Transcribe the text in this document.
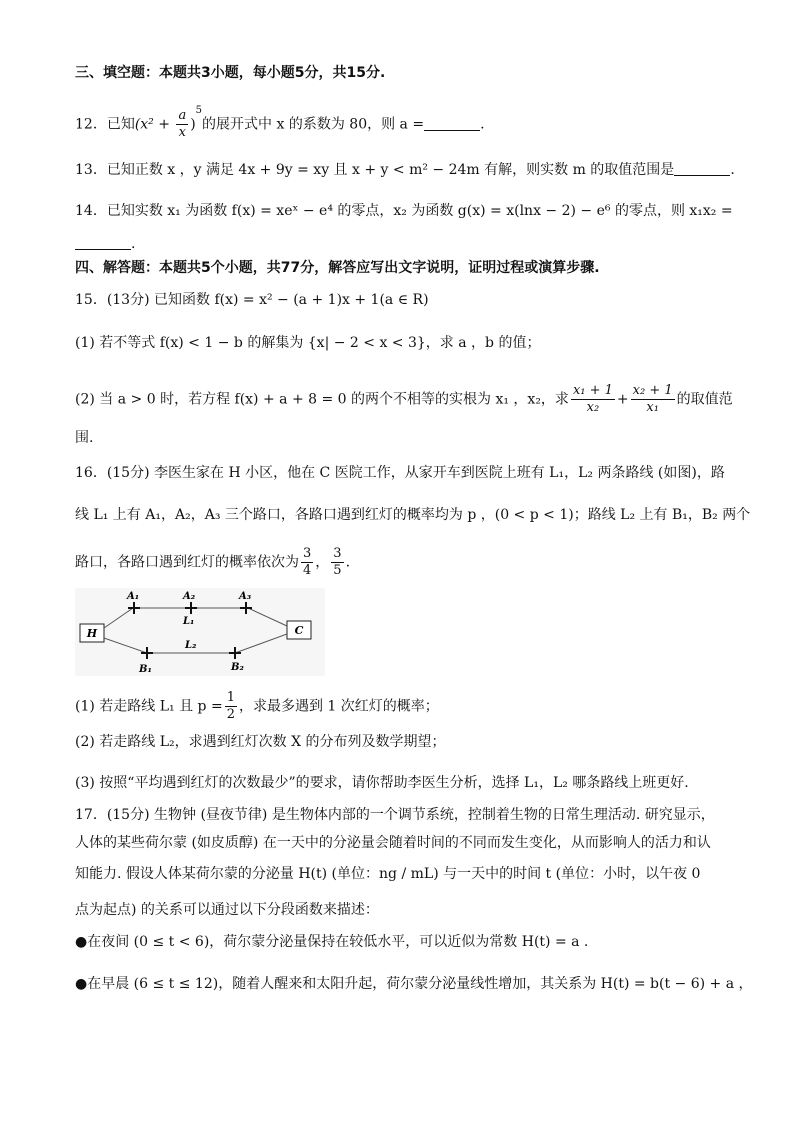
三、填空题：本题共3小题，每小题5分，共15分.
12．已知$(x^2 + \frac{a}{x} )^5$的展开式中 x 的系数为 80，则 a =	.
13．已知正数 x ，y 满足 4x + 9y = xy 且 x + y < m² − 24m 有解，则实数 m 的取值范围是	.
14．已知实数 x₁ 为函数 f(x) = xeˣ − e⁴ 的零点，x₂ 为函数 g(x) = x(lnx − 2) − e⁶ 的零点，则 x₁x₂ =
.
四、解答题：本题共5个小题，共77分，解答应写出文字说明，证明过程或演算步骤.
15．(13分) 已知函数 f(x) = x² − (a + 1)x + 1(a ∈ R)
(1) 若不等式 f(x) < 1 − b 的解集为 {x| − 2 < x < 3}，求 a ，b 的值；
(2) 当 a > 0 时，若方程 f(x) + a + 8 = 0 的两个不相等的实根为 x₁ ，x₂，求 $\frac{\text{x₁ + 1}}{\text{x₂}} + \frac{\text{x₂ + 1}}{\text{x₁}}$ 的取值范
围.
16．(15分) 李医生家在 H 小区，他在 C 医院工作，从家开车到医院上班有 L₁，L₂ 两条路线 (如图)，路
线 L₁ 上有 A₁，A₂，A₃ 三个路口，各路口遇到红灯的概率均为 p ，(0 < p < 1)；路线 L₂ 上有 B₁，B₂ 两个
路口，各路口遇到红灯的概率依次为 $\frac{3}{4}$ ， $\frac{3}{5}$ .
H	C
A₁	A₂	A₃
L₁
L₂
B₁	B₂
(1) 若走路线 L₁ 且 $p = \frac{1}{2}$ ，求最多遇到 1 次红灯的概率；
(2) 若走路线 L₂，求遇到红灯次数 X 的分布列及数学期望；
(3) 按照“平均遇到红灯的次数最少”的要求，请你帮助李医生分析，选择 L₁，L₂ 哪条路线上班更好.
17．(15分) 生物钟 (昼夜节律) 是生物体内部的一个调节系统，控制着生物的日常生理活动. 研究显示，
人体的某些荷尔蒙 (如皮质醇) 在一天中的分泌量会随着时间的不同而发生变化，从而影响人的活力和认
知能力. 假设人体某荷尔蒙的分泌量 H(t) (单位：ng / mL) 与一天中的时间 t (单位：小时，以午夜 0
点为起点) 的关系可以通过以下分段函数来描述：
●在夜间 (0 ≤ t < 6)，荷尔蒙分泌量保持在较低水平，可以近似为常数 H(t) = a .
●在早晨 (6 ≤ t ≤ 12)，随着人醒来和太阳升起，荷尔蒙分泌量线性增加，其关系为 H(t) = b(t − 6) + a ，
